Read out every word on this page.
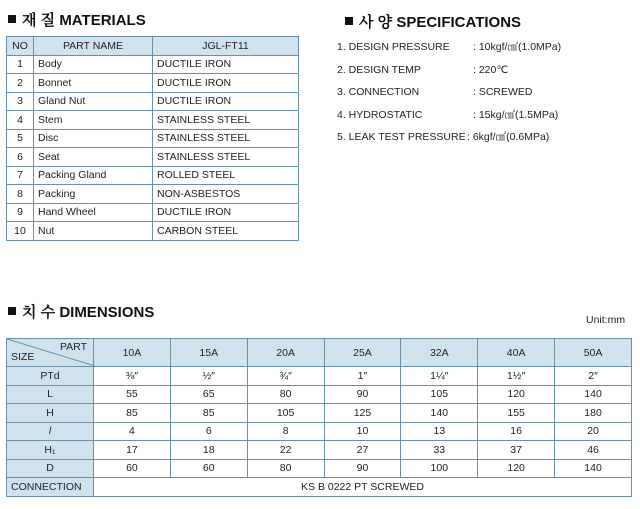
재 질 MATERIALS
NO	PART NAME	JGL-FT11
1	Body	DUCTILE IRON
2	Bonnet	DUCTILE IRON
3	Gland Nut	DUCTILE IRON
4	Stem	STAINLESS STEEL
5	Disc	STAINLESS STEEL
6	Seat	STAINLESS STEEL
7	Packing Gland	ROLLED STEEL
8	Packing	NON-ASBESTOS
9	Hand Wheel	DUCTILE IRON
10	Nut	CARBON STEEL
사 양 SPECIFICATIONS
1. DESIGN PRESSURE : 10kgf/㎠(1.0MPa)
2. DESIGN TEMP	: 220℃
3. CONNECTION	: SCREWED
4. HYDROSTATIC	: 15kg/㎠(1.5MPa)
5. LEAK TEST PRESSURE : 6kgf/㎠(0.6MPa)
치 수 DIMENSIONS	Unit:mm
PART
SIZE	10A	15A	20A	25A	32A	40A	50A
PTd	⅜″	½″	¾″	1″	1¼″	1½″	2″
L	55	65	80	90	105	120	140
H	85	85	105	125	140	155	180
l	4	6	8	10	13	16	20
H₁	17	18	22	27	33	37	46
D	60	60	80	90	100	120	140
CONNECTION	KS B 0222 PT SCREWED						
